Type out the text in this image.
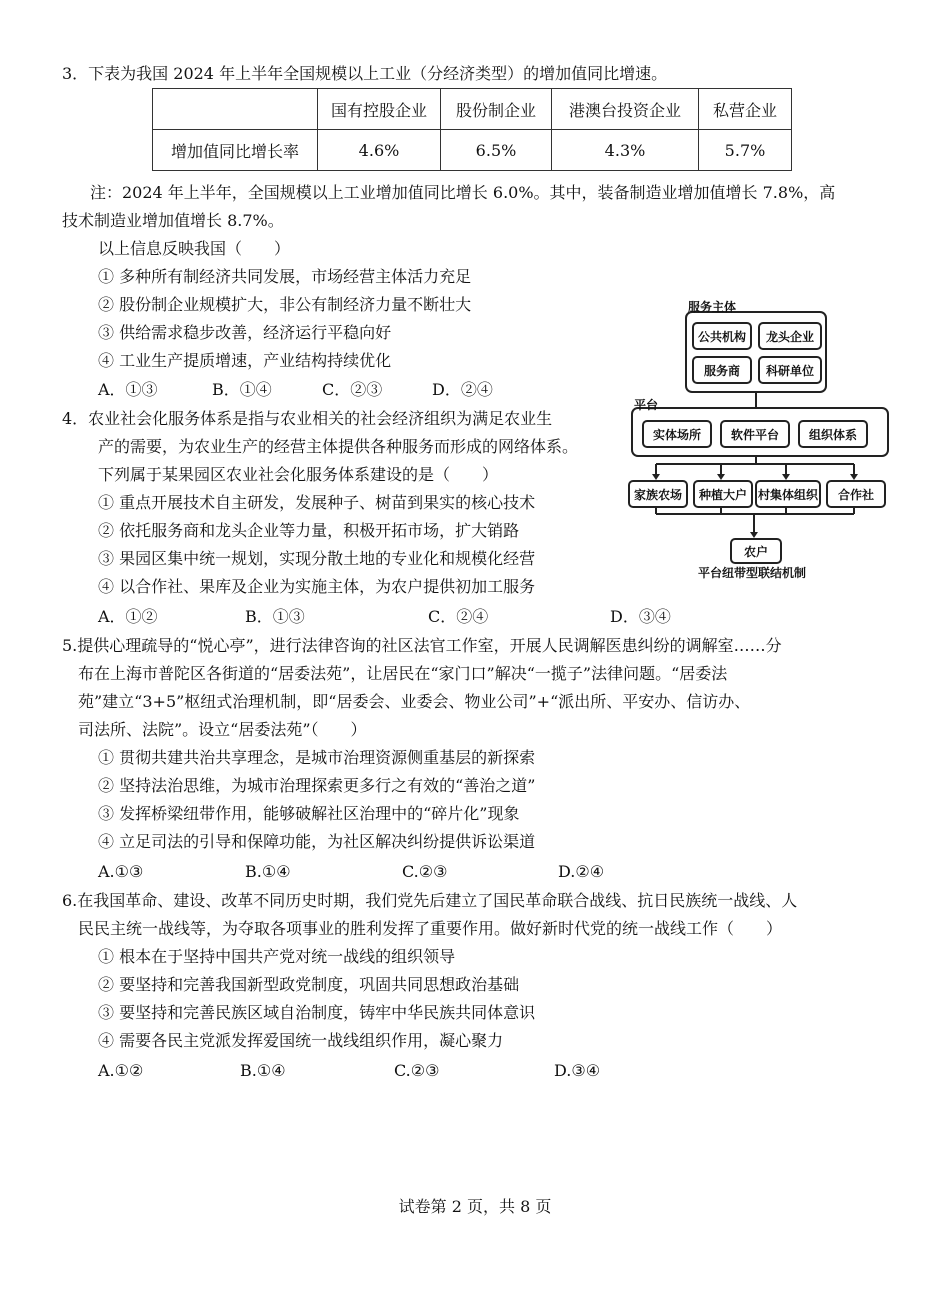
3．下表为我国 2024 年上半年全国规模以上工业（分经济类型）的增加值同比增速。
	国有控股企业	股份制企业	港澳台投资企业	私营企业
增加值同比增长率	4.6%	6.5%	4.3%	5.7%
注：2024 年上半年，全国规模以上工业增加值同比增长 6.0%。其中，装备制造业增加值增长 7.8%，高
技术制造业增加值增长 8.7%。
以上信息反映我国（　　）
① 多种所有制经济共同发展，市场经营主体活力充足
② 股份制企业规模扩大，非公有制经济力量不断壮大
③ 供给需求稳步改善，经济运行平稳向好
④ 工业生产提质增速，产业结构持续优化
A．①③	B．①④	C．②③	D．②④
4．农业社会化服务体系是指与农业相关的社会经济组织为满足农业生
产的需要，为农业生产的经营主体提供各种服务而形成的网络体系。
下列属于某果园区农业社会化服务体系建设的是（　　）
① 重点开展技术自主研发，发展种子、树苗到果实的核心技术
② 依托服务商和龙头企业等力量，积极开拓市场，扩大销路
③ 果园区集中统一规划，实现分散土地的专业化和规模化经营
④ 以合作社、果库及企业为实施主体，为农户提供初加工服务
A．①②	B．①③	C．②④	D．③④
服务主体
公共机构	龙头企业
服务商	科研单位
平台
实体场所	软件平台	组织体系
家族农场	种植大户 村集体组织	合作社
农户
平台纽带型联结机制
5.提供心理疏导的“悦心亭”，进行法律咨询的社区法官工作室，开展人民调解医患纠纷的调解室……分
布在上海市普陀区各街道的“居委法苑”，让居民在“家门口”解决“一揽子”法律问题。“居委法
苑”建立“3+5”枢纽式治理机制，即“居委会、业委会、物业公司”+“派出所、平安办、信访办、
司法所、法院”。设立“居委法苑”（　　）
① 贯彻共建共治共享理念，是城市治理资源侧重基层的新探索
② 坚持法治思维，为城市治理探索更多行之有效的“善治之道”
③ 发挥桥梁纽带作用，能够破解社区治理中的“碎片化”现象
④ 立足司法的引导和保障功能，为社区解决纠纷提供诉讼渠道
A.①③	B.①④	C.②③	D.②④
6.在我国革命、建设、改革不同历史时期，我们党先后建立了国民革命联合战线、抗日民族统一战线、人
民民主统一战线等，为夺取各项事业的胜利发挥了重要作用。做好新时代党的统一战线工作（　　）
① 根本在于坚持中国共产党对统一战线的组织领导
② 要坚持和完善我国新型政党制度，巩固共同思想政治基础
③ 要坚持和完善民族区域自治制度，铸牢中华民族共同体意识
④ 需要各民主党派发挥爱国统一战线组织作用，凝心聚力
A.①②	B.①④	C.②③	D.③④
试卷第 2 页，共 8 页
